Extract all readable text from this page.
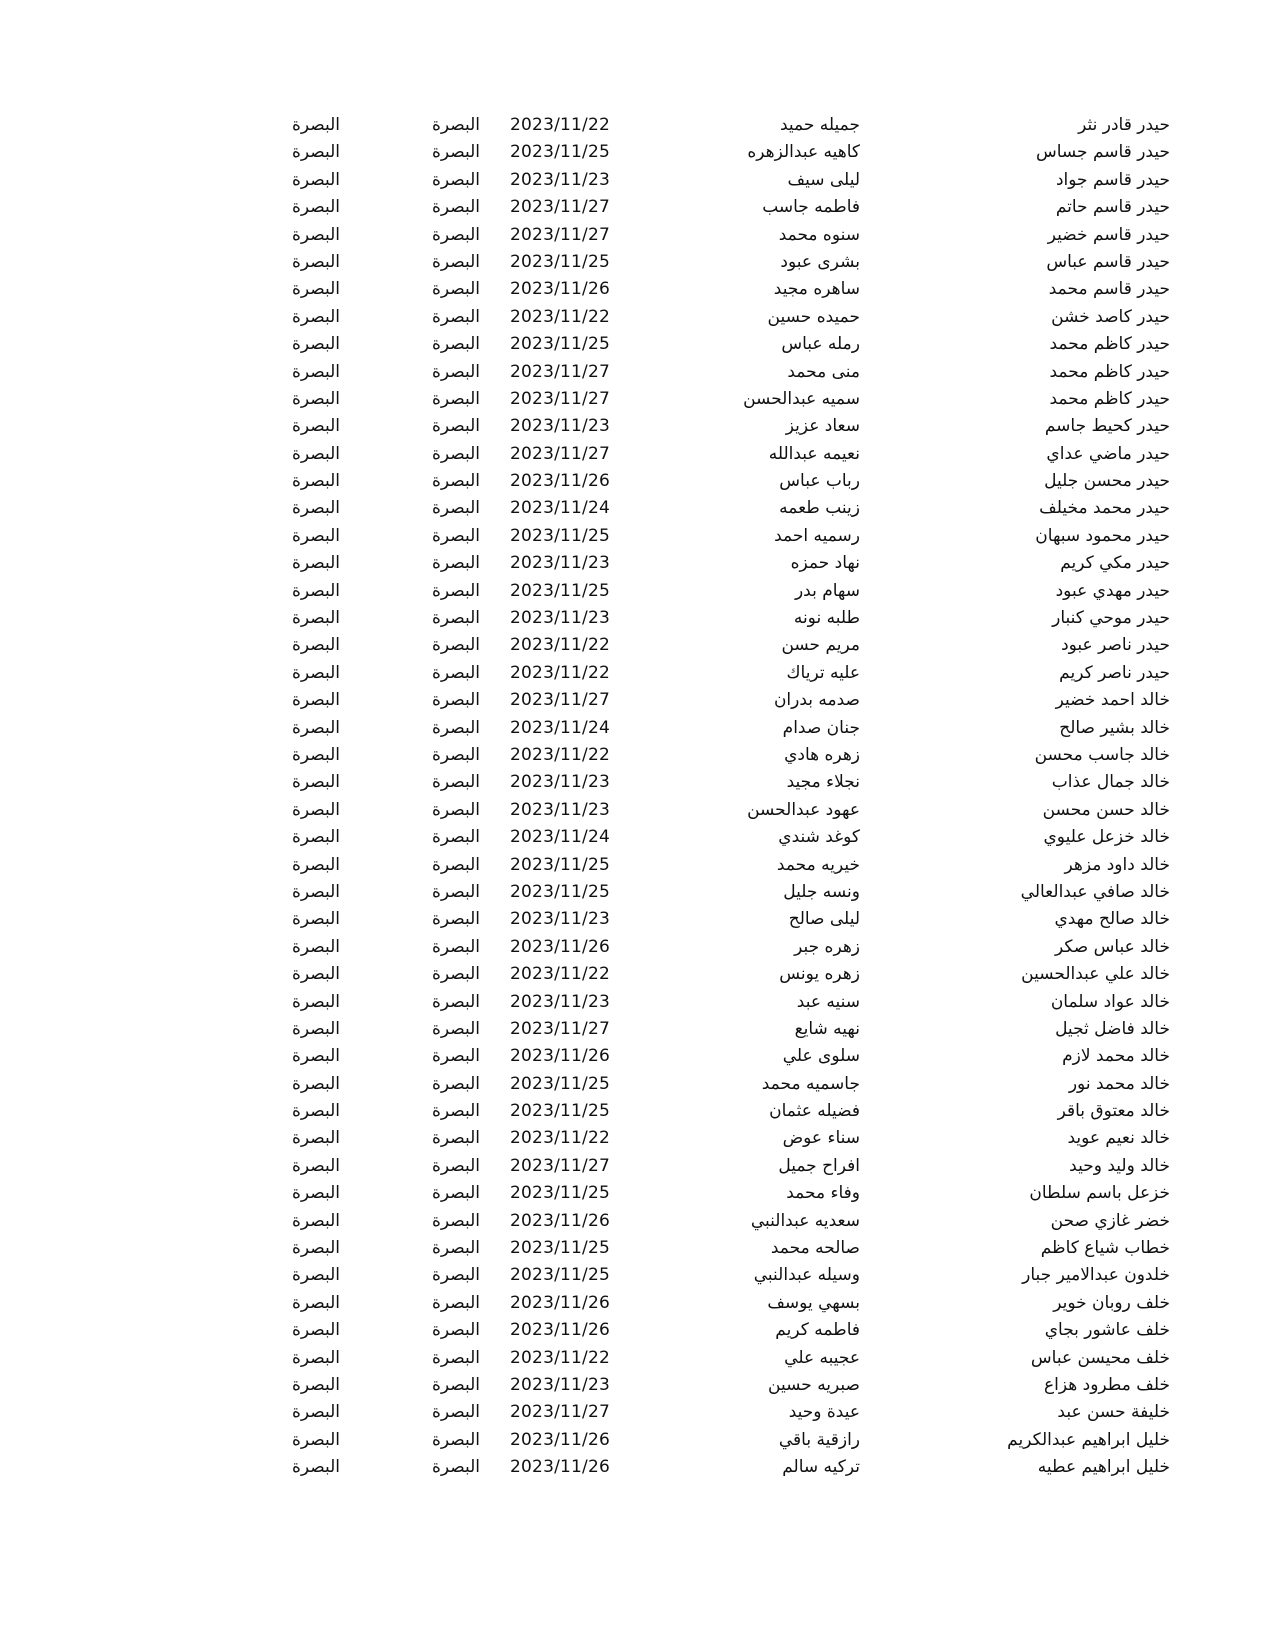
حيدر قادر نثر
جميله حميد
2023/11/22
البصرة
البصرة
حيدر قاسم جساس
كاهيه عبدالزهره
2023/11/25
البصرة
البصرة
حيدر قاسم جواد
ليلى سيف
2023/11/23
البصرة
البصرة
حيدر قاسم حاتم
فاطمه جاسب
2023/11/27
البصرة
البصرة
حيدر قاسم خضير
سنوه محمد
2023/11/27
البصرة
البصرة
حيدر قاسم عباس
بشرى عبود
2023/11/25
البصرة
البصرة
حيدر قاسم محمد
ساهره مجيد
2023/11/26
البصرة
البصرة
حيدر كاصد خشن
حميده حسين
2023/11/22
البصرة
البصرة
حيدر كاظم محمد
رمله عباس
2023/11/25
البصرة
البصرة
حيدر كاظم محمد
منى محمد
2023/11/27
البصرة
البصرة
حيدر كاظم محمد
سميه عبدالحسن
2023/11/27
البصرة
البصرة
حيدر كحيط جاسم
سعاد عزيز
2023/11/23
البصرة
البصرة
حيدر ماضي عداي
نعيمه عبدالله
2023/11/27
البصرة
البصرة
حيدر محسن جليل
رباب عباس
2023/11/26
البصرة
البصرة
حيدر محمد مخيلف
زينب طعمه
2023/11/24
البصرة
البصرة
حيدر محمود سبهان
رسميه احمد
2023/11/25
البصرة
البصرة
حيدر مكي كريم
نهاد حمزه
2023/11/23
البصرة
البصرة
حيدر مهدي عبود
سهام بدر
2023/11/25
البصرة
البصرة
حيدر موحي كنبار
طلبه نونه
2023/11/23
البصرة
البصرة
حيدر ناصر عبود
مريم حسن
2023/11/22
البصرة
البصرة
حيدر ناصر كريم
عليه ترياك
2023/11/22
البصرة
البصرة
خالد احمد خضير
صدمه بدران
2023/11/27
البصرة
البصرة
خالد بشير صالح
جنان صدام
2023/11/24
البصرة
البصرة
خالد جاسب محسن
زهره هادي
2023/11/22
البصرة
البصرة
خالد جمال عذاب
نجلاء مجيد
2023/11/23
البصرة
البصرة
خالد حسن محسن
عهود عبدالحسن
2023/11/23
البصرة
البصرة
خالد خزعل عليوي
كوغد شندي
2023/11/24
البصرة
البصرة
خالد داود مزهر
خيريه محمد
2023/11/25
البصرة
البصرة
خالد صافي عبدالعالي
ونسه جليل
2023/11/25
البصرة
البصرة
خالد صالح مهدي
ليلى صالح
2023/11/23
البصرة
البصرة
خالد عباس صكر
زهره جبر
2023/11/26
البصرة
البصرة
خالد علي عبدالحسين
زهره يونس
2023/11/22
البصرة
البصرة
خالد عواد سلمان
سنيه عبد
2023/11/23
البصرة
البصرة
خالد فاضل ثجيل
نهيه شايع
2023/11/27
البصرة
البصرة
خالد محمد لازم
سلوى علي
2023/11/26
البصرة
البصرة
خالد محمد نور
جاسميه محمد
2023/11/25
البصرة
البصرة
خالد معتوق باقر
فضيله عثمان
2023/11/25
البصرة
البصرة
خالد نعيم عويد
سناء عوض
2023/11/22
البصرة
البصرة
خالد وليد وحيد
افراح جميل
2023/11/27
البصرة
البصرة
خزعل باسم سلطان
وفاء محمد
2023/11/25
البصرة
البصرة
خضر غازي صحن
سعديه عبدالنبي
2023/11/26
البصرة
البصرة
خطاب شياع كاظم
صالحه محمد
2023/11/25
البصرة
البصرة
خلدون عبدالامير جبار
وسيله عبدالنبي
2023/11/25
البصرة
البصرة
خلف روبان خوير
بسهي يوسف
2023/11/26
البصرة
البصرة
خلف عاشور بجاي
فاطمه كريم
2023/11/26
البصرة
البصرة
خلف محيسن عباس
عجيبه علي
2023/11/22
البصرة
البصرة
خلف مطرود هزاع
صبريه حسين
2023/11/23
البصرة
البصرة
خليفة حسن عبد
عيدة وحيد
2023/11/27
البصرة
البصرة
خليل ابراهيم عبدالكريم
رازقية باقي
2023/11/26
البصرة
البصرة
خليل ابراهيم عطيه
تركيه سالم
2023/11/26
البصرة
البصرة
